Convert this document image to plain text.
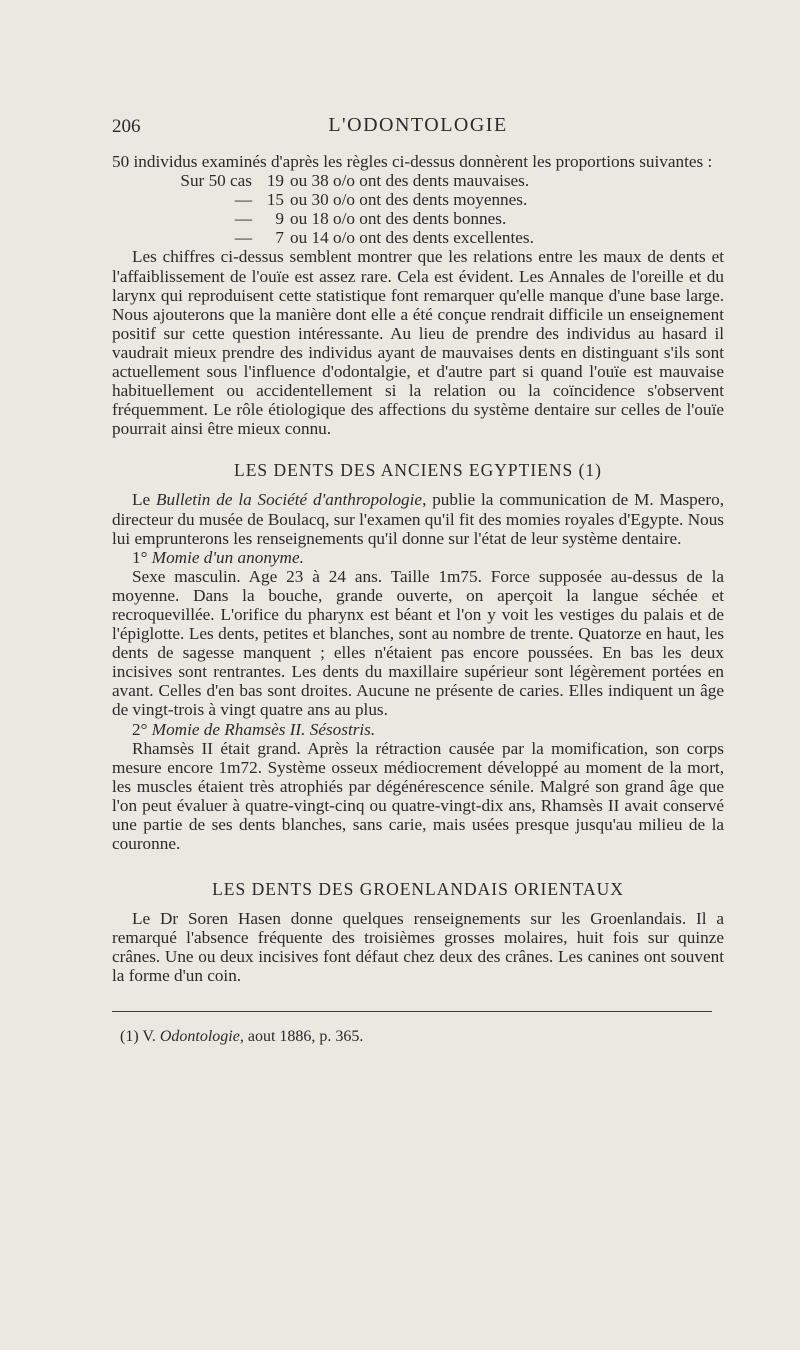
206	L'ODONTOLOGIE

50 individus examinés d'après les règles ci-dessus donnèrent les proportions suivantes :

Sur 50 cas 19 ou 38 o/o ont des dents mauvaises.
— 15 ou 30 o/o ont des dents moyennes.
—	9 ou 18 o/o ont des dents bonnes.
—	7 ou 14 o/o ont des dents excellentes.

Les chiffres ci-dessus semblent montrer que les relations entre les maux de dents et l'affaiblissement de l'ouïe est assez rare. Cela est évident. Les Annales de l'oreille et du larynx qui reproduisent cette statistique font remarquer qu'elle manque d'une base large. Nous ajouterons que la manière dont elle a été conçue rendrait difficile un enseignement positif sur cette question intéressante. Au lieu de prendre des individus au hasard il vaudrait mieux prendre des individus ayant de mauvaises dents en distinguant s'ils sont actuellement sous l'influence d'odontalgie, et d'autre part si quand l'ouïe est mauvaise habituellement ou accidentellement si la relation ou la coïncidence s'observent fréquemment. Le rôle étiologique des affections du système dentaire sur celles de l'ouïe pourrait ainsi être mieux connu.

LES DENTS DES ANCIENS EGYPTIENS (1)

Le Bulletin de la Société d'anthropologie, publie la communication de M. Maspero, directeur du musée de Boulacq, sur l'examen qu'il fit des momies royales d'Egypte. Nous lui emprunterons les renseignements qu'il donne sur l'état de leur système dentaire.

1° Momie d'un anonyme.

Sexe masculin. Age 23 à 24 ans. Taille 1m75. Force supposée au-dessus de la moyenne. Dans la bouche, grande ouverte, on aperçoit la langue séchée et recroquevillée. L'orifice du pharynx est béant et l'on y voit les vestiges du palais et de l'épiglotte. Les dents, petites et blanches, sont au nombre de trente. Quatorze en haut, les dents de sagesse manquent ; elles n'étaient pas encore poussées. En bas les deux incisives sont rentrantes. Les dents du maxillaire supérieur sont légèrement portées en avant. Celles d'en bas sont droites. Aucune ne présente de caries. Elles indiquent un âge de vingt-trois à vingt quatre ans au plus.

2° Momie de Rhamsès II. Sésostris.

Rhamsès II était grand. Après la rétraction causée par la momification, son corps mesure encore 1m72. Système osseux médiocrement développé au moment de la mort, les muscles étaient très atrophiés par dégénérescence sénile. Malgré son grand âge que l'on peut évaluer à quatre-vingt-cinq ou quatre-vingt-dix ans, Rhamsès II avait conservé une partie de ses dents blanches, sans carie, mais usées presque jusqu'au milieu de la couronne.

LES DENTS DES GROENLANDAIS ORIENTAUX

Le Dr Soren Hasen donne quelques renseignements sur les Groenlandais. Il a remarqué l'absence fréquente des troisièmes grosses molaires, huit fois sur quinze crânes. Une ou deux incisives font défaut chez deux des crânes. Les canines ont souvent la forme d'un coin.

(1) V. Odontologie, aout 1886, p. 365.
